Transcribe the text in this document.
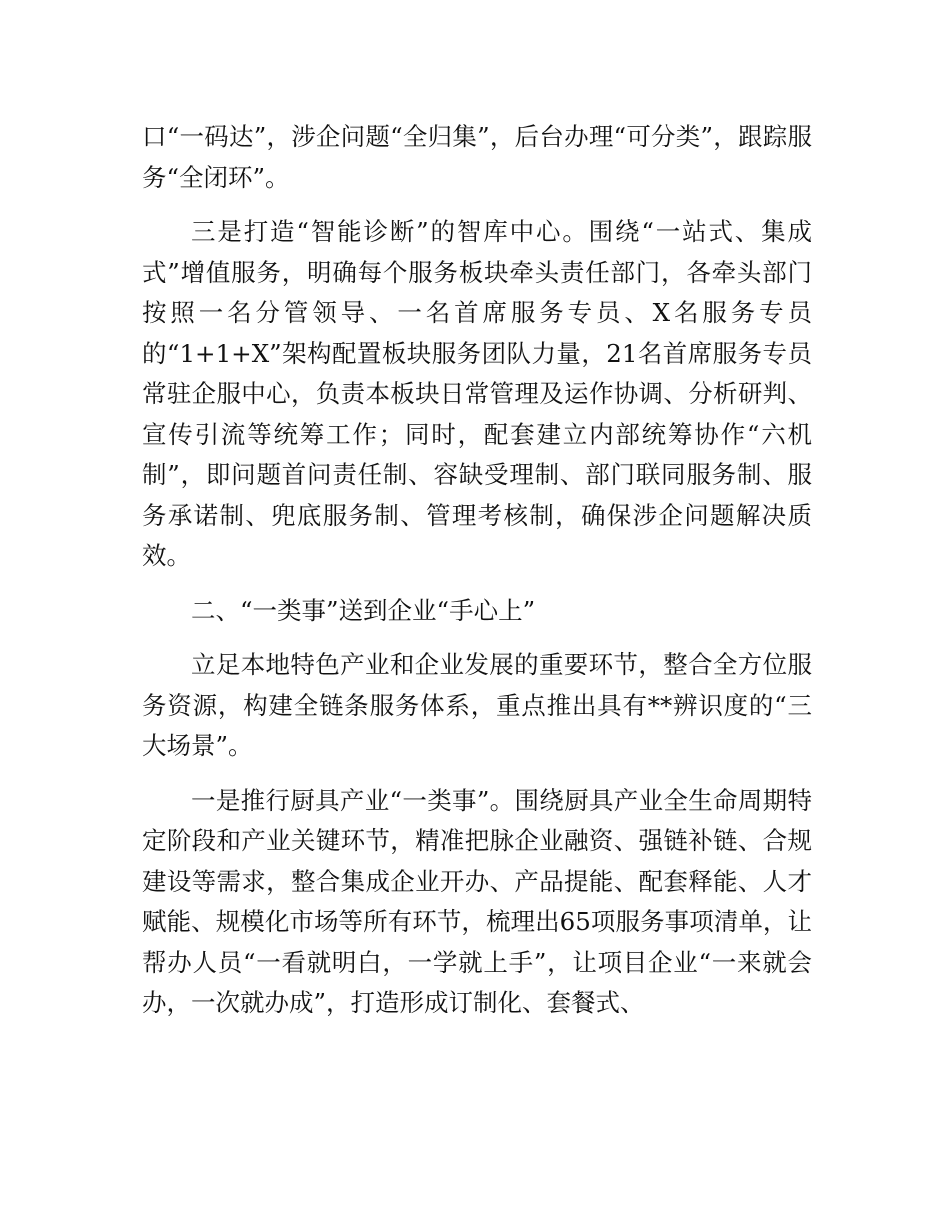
口“一码达”，涉企问题“全归集”，后台办理“可分类”，跟踪服务“全闭环”。

三是打造“智能诊断”的智库中心。围绕“一站式、集成式”增值服务，明确每个服务板块牵头责任部门，各牵头部门按照一名分管领导、一名首席服务专员、X名服务专员的“1+1+X”架构配置板块服务团队力量，21名首席服务专员常驻企服中心，负责本板块日常管理及运作协调、分析研判、宣传引流等统筹工作；同时，配套建立内部统筹协作“六机制”，即问题首问责任制、容缺受理制、部门联同服务制、服务承诺制、兜底服务制、管理考核制，确保涉企问题解决质效。

二、“一类事”送到企业“手心上”

立足本地特色产业和企业发展的重要环节，整合全方位服务资源，构建全链条服务体系，重点推出具有**辨识度的“三大场景”。

一是推行厨具产业“一类事”。围绕厨具产业全生命周期特定阶段和产业关键环节，精准把脉企业融资、强链补链、合规建设等需求，整合集成企业开办、产品提能、配套释能、人才赋能、规模化市场等所有环节，梳理出65项服务事项清单，让帮办人员“一看就明白，一学就上手”，让项目企业“一来就会办，一次就办成”，打造形成订制化、套餐式、
